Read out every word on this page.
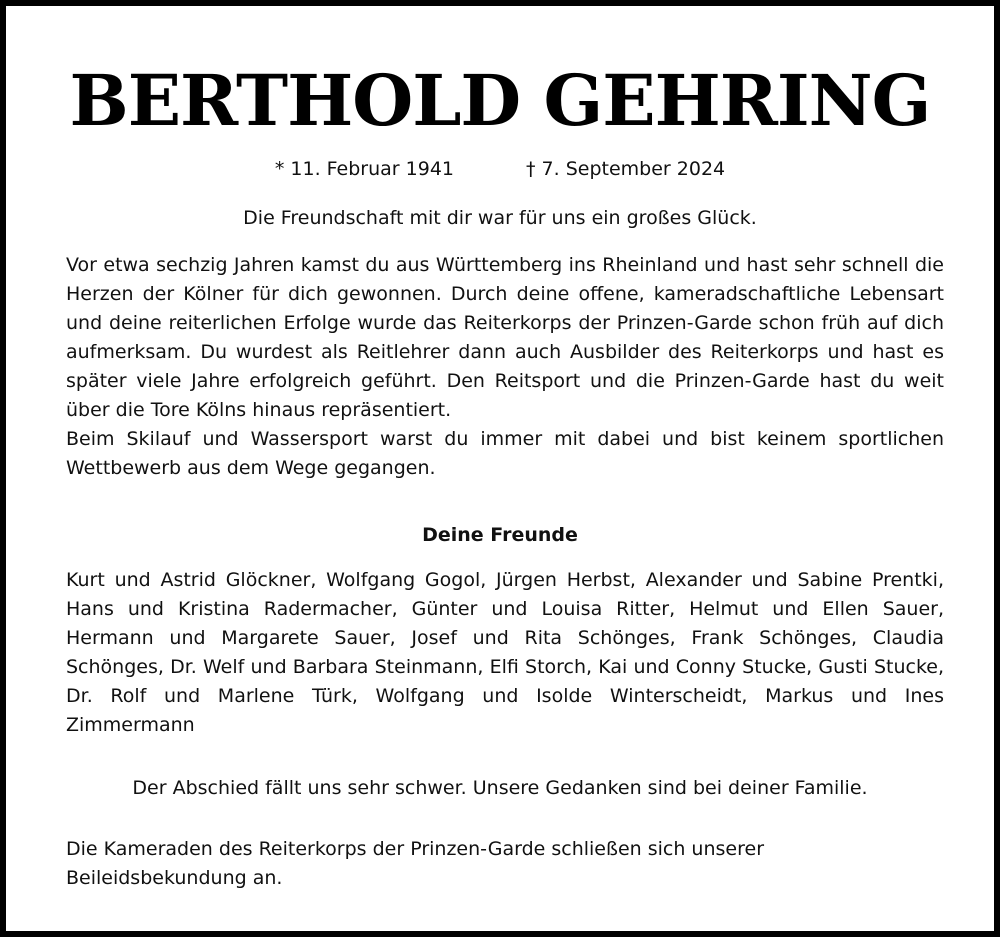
BERTHOLD GEHRING
* 11. Februar 1941	† 7. September 2024
Die Freundschaft mit dir war für uns ein großes Glück.

Vor etwa sechzig Jahren kamst du aus Württemberg ins Rheinland und hast sehr schnell die Herzen der Kölner für dich gewonnen. Durch deine offene, kameradschaftliche Lebensart und deine reiterlichen Erfolge wurde das Reiterkorps der Prinzen-Garde schon früh auf dich aufmerksam. Du wurdest als Reitlehrer dann auch Ausbilder des Reiterkorps und hast es später viele Jahre erfolgreich geführt. Den Reitsport und die Prinzen-Garde hast du weit über die Tore Kölns hinaus repräsentiert.

Beim Skilauf und Wassersport warst du immer mit dabei und bist keinem sportlichen Wettbewerb aus dem Wege gegangen.

Deine Freunde

Kurt und Astrid Glöckner, Wolfgang Gogol, Jürgen Herbst, Alexander und Sabine Prentki, Hans und Kristina Radermacher, Günter und Louisa Ritter, Helmut und Ellen Sauer, Hermann und Margarete Sauer, Josef und Rita Schönges, Frank Schönges, Claudia Schönges, Dr. Welf und Barbara Steinmann, Elfi Storch, Kai und Conny Stucke, Gusti Stucke, Dr. Rolf und Marlene Türk, Wolfgang und Isolde Winterscheidt, Markus und Ines Zimmermann

Der Abschied fällt uns sehr schwer. Unsere Gedanken sind bei deiner Familie.

Die Kameraden des Reiterkorps der Prinzen-Garde schließen sich unserer Beileidsbekundung an.
